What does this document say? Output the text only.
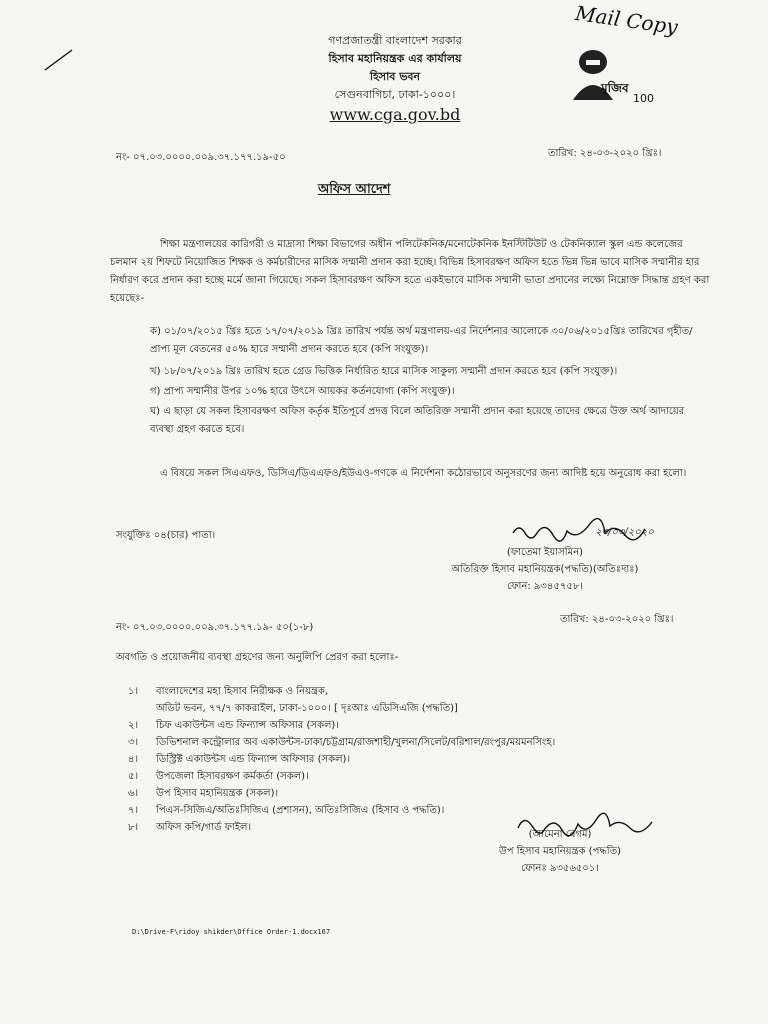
Mail Copy
গণপ্রজাতন্ত্রী বাংলাদেশ সরকার
হিসাব মহানিয়ন্ত্রক এর কার্যালয়
হিসাব ভবন
সেগুনবাগিচা, ঢাকা-১০০০।
www.cga.gov.bd
মুজিব
100
নং- ০৭.০৩.০০০০.০০৯.৩৭.১৭৭.১৯-৫০	তারিখ: ২৪-০৩-২০২০ খ্রিঃ।
অফিস আদেশ
শিক্ষা মন্ত্রণালয়ের কারিগরী ও মাদ্রাসা শিক্ষা বিভাগের অধীন পলিটেকনিক/মনোটেকনিক ইনস্টিটিউট ও টেকনিক্যাল স্কুল এন্ড কলেজের চলমান ২য় শিফটে নিয়োজিত শিক্ষক ও কর্মচারীদের মাসিক সম্মানী প্রদান করা হচ্ছে। বিভিন্ন হিসাবরক্ষণ অফিস হতে ভিন্ন ভিন্ন ভাবে মাসিক সম্মানীর হার নির্ধারণ করে প্রদান করা হচ্ছে মর্মে জানা গিয়েছে। সকল হিসাবরক্ষণ অফিস হতে একইভাবে মাসিক সম্মানী ভাতা প্রদানের লক্ষ্যে নিম্নোক্ত সিদ্ধান্ত গ্রহণ করা হয়েছেঃ-
ক) ০১/০৭/২০১৫ খ্রিঃ হতে ১৭/০৭/২০১৯ খ্রিঃ তারিখ পর্যন্ত অর্থ মন্ত্রণালয়-এর নির্দেশনার আলোকে ৩০/০৬/২০১৫খ্রিঃ তারিখের গৃহীত/প্রাপ্য মূল বেতনের ৫০% হারে সম্মানী প্রদান করতে হবে (কপি সংযুক্ত)।
খ) ১৮/০৭/২০১৯ খ্রিঃ তারিখ হতে গ্রেড ভিত্তিক নির্ধারিত হারে মাসিক সাকুল্য সম্মানী প্রদান করতে হবে (কপি সংযুক্ত)।
গ) প্রাপ্য সম্মানীর উপর ১০% হারে উৎসে আয়কর কর্তনযোগ্য (কপি সংযুক্ত)।
ঘ) এ ছাড়া যে সকল হিসাবরক্ষণ অফিস কর্তৃক ইতিপূর্বে প্রদত্ত বিলে অতিরিক্ত সম্মানী প্রদান করা হয়েছে তাদের ক্ষেত্রে উক্ত অর্থ আদায়ের ব্যবস্থা গ্রহণ করতে হবে।
এ বিষয়ে সকল সিএএফও, ডিসিএ/ডিএএফও/ইউএও-গণকে এ নির্দেশনা কঠোরভাবে অনুসরণের জন্য আদিষ্ট হয়ে অনুরোধ করা হলো।
সংযুক্তিঃ ০৪(চার) পাতা।	২৩/০৩/২০২০
(ফাতেমা ইয়াসমিন)
অতিরিক্ত হিসাব মহানিয়ন্ত্রক(পদ্ধতি)(অতিঃদাঃ)
ফোন: ৯৩৪৫৭৫৮।
নং- ০৭.০৩.০০০০.০০৯.৩৭.১৭৭.১৯- ৫০(১-৮)
তারিখ: ২৪-০৩-২০২০ খ্রিঃ।
অবগতি ও প্রয়োজনীয় ব্যবস্থা গ্রহণের জন্য অনুলিপি প্রেরণ করা হলোঃ-
১।	বাংলাদেশের মহা হিসাব নিরীক্ষক ও নিয়ন্ত্রক,
অডিট ভবন, ৭৭/৭ কাকরাইল, ঢাকা-১০০০। [ দৃঃআঃ এডিসিএজি (পদ্ধতি)]
২।	চিফ একাউন্টস এন্ড ফিন্যান্স অফিসার (সকল)।
৩।	ডিভিশনাল কন্ট্রোলার অব একাউন্টস-ঢাকা/চট্টগ্রাম/রাজশাহী/খুলনা/সিলেট/বরিশাল/রংপুর/ময়মনসিংহ।
৪।	ডিস্ট্রিক্ট একাউন্টস এন্ড ফিন্যান্স অফিসার (সকল)।
৫।	উপজেলা হিসাবরক্ষণ কর্মকর্তা (সকল)।
৬।	উপ হিসাব মহানিয়ন্ত্রক (সকল)।
৭।	পিএস-সিজিএ/অতিঃসিজিএ (প্রশাসন), অতিঃসিজিএ (হিসাব ও পদ্ধতি)।
৮।	অফিস কপি/গার্ড ফাইল।
(আমেনা বেগম)
উপ হিসাব মহানিয়ন্ত্রক (পদ্ধতি)
ফোনঃ ৯৩৫৬৫০১।
D:\Drive-F\ridoy shikder\Office Order-1.docx167
